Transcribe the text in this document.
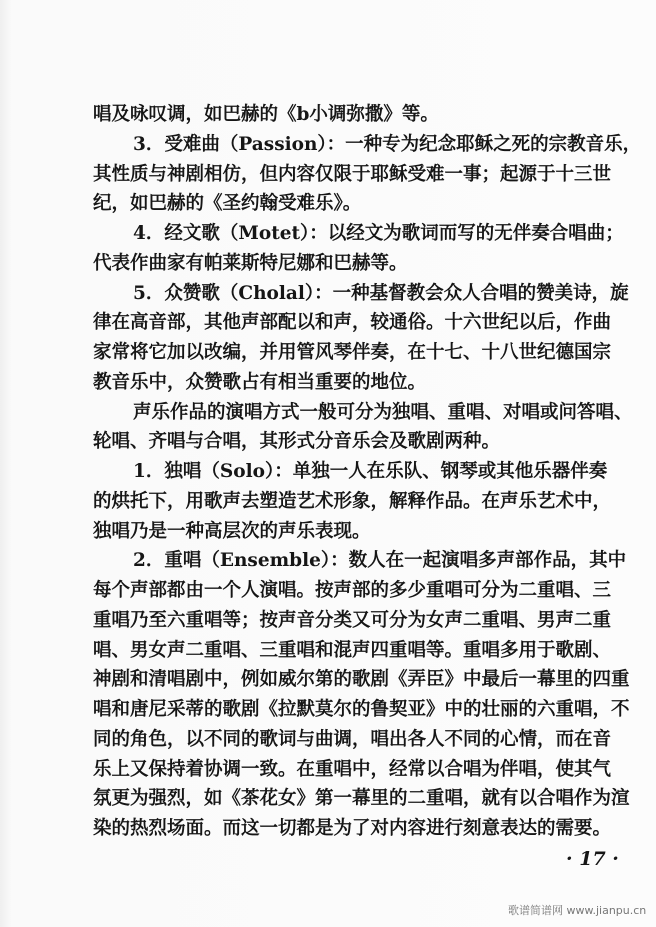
唱及咏叹调，如巴赫的《b小调弥撒》等。
3．受难曲（Passion）：一种专为纪念耶稣之死的宗教音乐，
其性质与神剧相仿，但内容仅限于耶稣受难一事；起源于十三世
纪，如巴赫的《圣约翰受难乐》。
4．经文歌（Motet）：以经文为歌词而写的无伴奏合唱曲；
代表作曲家有帕莱斯特尼娜和巴赫等。
5．众赞歌（Cholal）：一种基督教会众人合唱的赞美诗，旋
律在高音部，其他声部配以和声，较通俗。十六世纪以后，作曲
家常将它加以改编，并用管风琴伴奏，在十七、十八世纪德国宗
教音乐中，众赞歌占有相当重要的地位。
声乐作品的演唱方式一般可分为独唱、重唱、对唱或问答唱、
轮唱、齐唱与合唱，其形式分音乐会及歌剧两种。
1．独唱（Solo）：单独一人在乐队、钢琴或其他乐器伴奏
的烘托下，用歌声去塑造艺术形象，解释作品。在声乐艺术中，
独唱乃是一种高层次的声乐表现。
2．重唱（Ensemble）：数人在一起演唱多声部作品，其中
每个声部都由一个人演唱。按声部的多少重唱可分为二重唱、三
重唱乃至六重唱等；按声音分类又可分为女声二重唱、男声二重
唱、男女声二重唱、三重唱和混声四重唱等。重唱多用于歌剧、
神剧和清唱剧中，例如威尔第的歌剧《弄臣》中最后一幕里的四重
唱和唐尼采蒂的歌剧《拉默莫尔的鲁契亚》中的壮丽的六重唱，不
同的角色，以不同的歌词与曲调，唱出各人不同的心情，而在音
乐上又保持着协调一致。在重唱中，经常以合唱为伴唱，使其气
氛更为强烈，如《茶花女》第一幕里的二重唱，就有以合唱作为渲
染的热烈场面。而这一切都是为了对内容进行刻意表达的需要。
· 17 ·
歌谱简谱网 www.jianpu.cn
